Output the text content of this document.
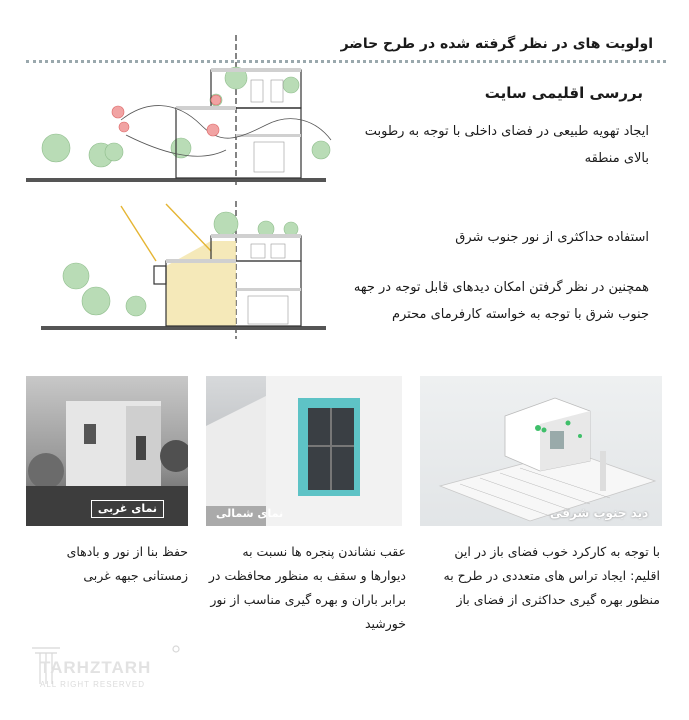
اولویت های در نظر گرفته شده در طرح حاضر
بررسی اقلیمی سایت
ایجاد تهویه طبیعی در فضای داخلی با توجه به رطوبت بالای منطقه
استفاده حداکثری از نور جنوب شرق
همچنین در نظر گرفتن امکان دیدهای قابل توجه در جهه جنوب شرق با توجه به خواسته کارفرمای محترم
نمای غربی	نمای شمالی	دید جنوب شرقی
حفظ بنا از نور و بادهای زمستانی جبهه غربی
عقب نشاندن پنجره ها نسبت به دیوارها و سقف به منظور محافظت در برابر باران و بهره گیری مناسب از نور خورشید
با توجه به کارکرد خوب فضای باز در این اقلیم: ایجاد تراس های متعددی در طرح به منظور بهره گیری حداکثری از فضای باز
TARHZTARH
ALL RIGHT RESERVED
